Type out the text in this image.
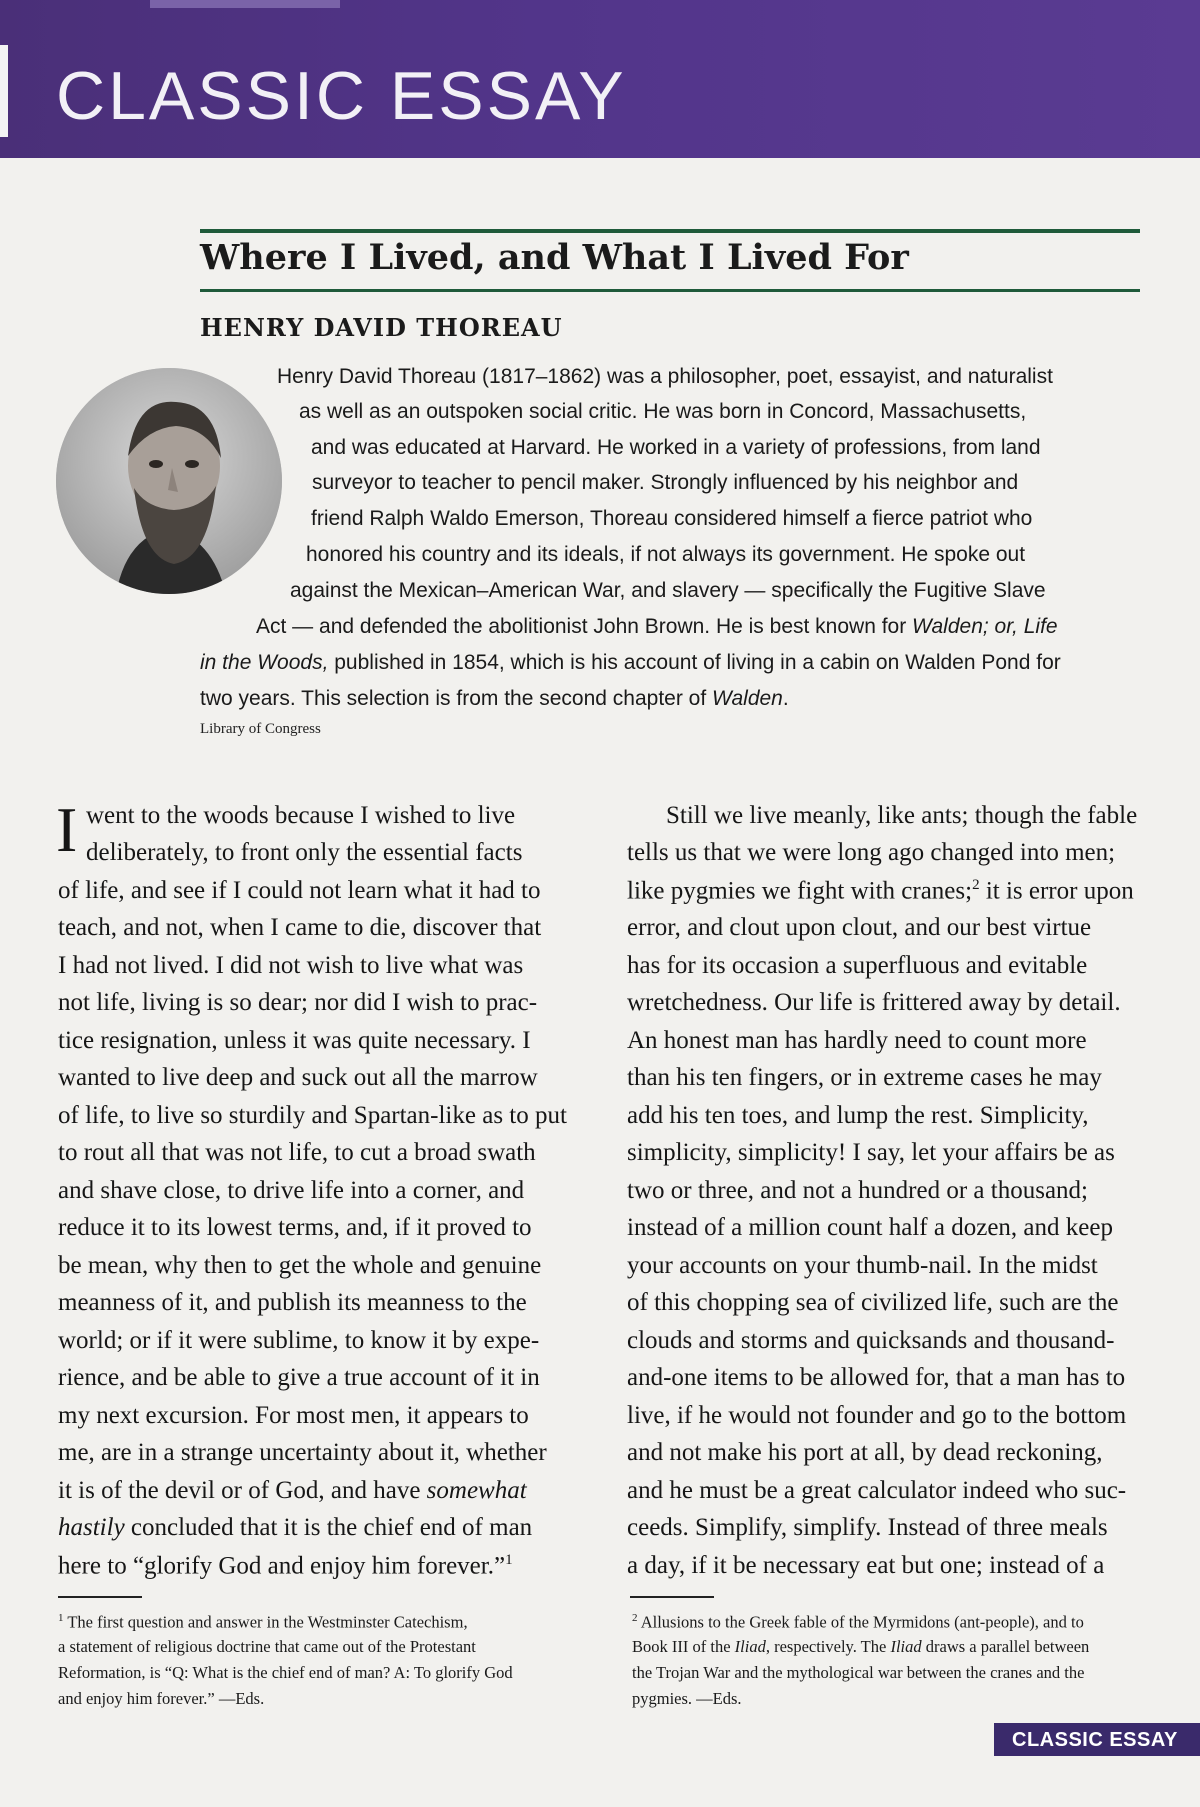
CLASSIC ESSAY
Where I Lived, and What I Lived For
HENRY DAVID THOREAU
Henry David Thoreau (1817–1862) was a philosopher, poet, essayist, and naturalist
as well as an outspoken social critic. He was born in Concord, Massachusetts,
and was educated at Harvard. He worked in a variety of professions, from land
surveyor to teacher to pencil maker. Strongly influenced by his neighbor and
friend Ralph Waldo Emerson, Thoreau considered himself a fierce patriot who
honored his country and its ideals, if not always its government. He spoke out
against the Mexican–American War, and slavery — specifically the Fugitive Slave
Act — and defended the abolitionist John Brown. He is best known for Walden; or, Life
in the Woods, published in 1854, which is his account of living in a cabin on Walden Pond for
two years. This selection is from the second chapter of Walden.
Library of Congress
I went to the woods because I wished to live
deliberately, to front only the essential facts
of life, and see if I could not learn what it had to
teach, and not, when I came to die, discover that
I had not lived. I did not wish to live what was
not life, living is so dear; nor did I wish to prac-
tice resignation, unless it was quite necessary. I
wanted to live deep and suck out all the marrow
of life, to live so sturdily and Spartan-like as to put
to rout all that was not life, to cut a broad swath
and shave close, to drive life into a corner, and
reduce it to its lowest terms, and, if it proved to
be mean, why then to get the whole and genuine
meanness of it, and publish its meanness to the
world; or if it were sublime, to know it by expe-
rience, and be able to give a true account of it in
my next excursion. For most men, it appears to
me, are in a strange uncertainty about it, whether
it is of the devil or of God, and have somewhat
hastily concluded that it is the chief end of man
here to “glorify God and enjoy him forever.”$^1$
Still we live meanly, like ants; though the fable
tells us that we were long ago changed into men;
like pygmies we fight with cranes;$^2$ it is error upon
error, and clout upon clout, and our best virtue
has for its occasion a superfluous and evitable
wretchedness. Our life is frittered away by detail.
An honest man has hardly need to count more
than his ten fingers, or in extreme cases he may
add his ten toes, and lump the rest. Simplicity,
simplicity, simplicity! I say, let your affairs be as
two or three, and not a hundred or a thousand;
instead of a million count half a dozen, and keep
your accounts on your thumb-nail. In the midst
of this chopping sea of civilized life, such are the
clouds and storms and quicksands and thousand-
and-one items to be allowed for, that a man has to
live, if he would not founder and go to the bottom
and not make his port at all, by dead reckoning,
and he must be a great calculator indeed who suc-
ceeds. Simplify, simplify. Instead of three meals
a day, if it be necessary eat but one; instead of a
$^1$ The first question and answer in the Westminster Catechism,
a statement of religious doctrine that came out of the Protestant
Reformation, is “Q: What is the chief end of man? A: To glorify God
and enjoy him forever.” —Eds.
$^2$ Allusions to the Greek fable of the Myrmidons (ant-people), and to
Book III of the Iliad, respectively. The Iliad draws a parallel between
the Trojan War and the mythological war between the cranes and the
pygmies. —Eds.
CLASSIC ESSAY
